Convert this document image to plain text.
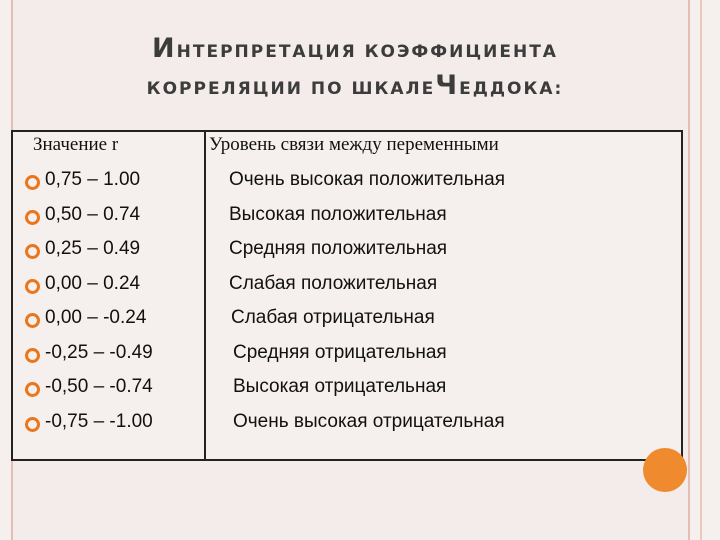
ИНТЕРПРЕТАЦИЯ КОЭФФИЦИЕНТА
КОРРЕЛЯЦИИ ПО ШКАЛЕЧЕДДОКА:
Значение r	Уровень связи между переменными
0,75 – 1.00	Очень высокая положительная
0,50 – 0.74	Высокая положительная
0,25 – 0.49	Средняя положительная
0,00 – 0.24	Слабая положительная
0,00 – -0.24	Слабая отрицательная
-0,25 – -0.49	Средняя отрицательная
-0,50 – -0.74	Высокая отрицательная
-0,75 – -1.00	Очень высокая отрицательная
